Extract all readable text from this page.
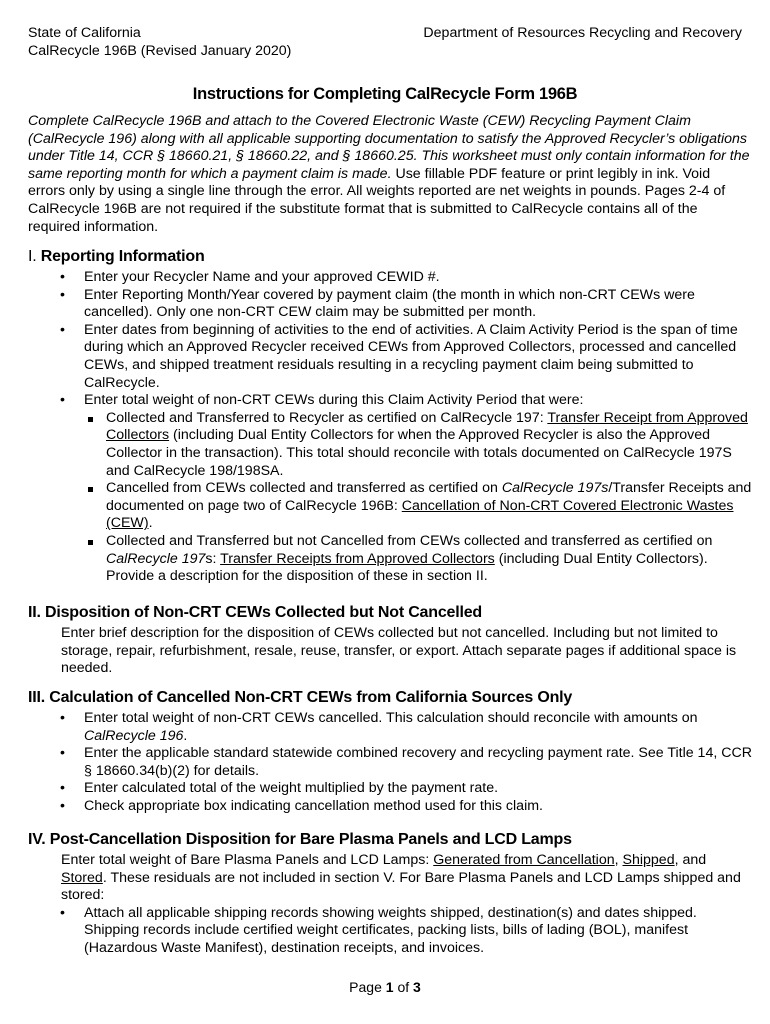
State of California
CalRecycle 196B (Revised January 2020)
Department of Resources Recycling and Recovery
Instructions for Completing CalRecycle Form 196B
Complete CalRecycle 196B and attach to the Covered Electronic Waste (CEW) Recycling Payment Claim (CalRecycle 196) along with all applicable supporting documentation to satisfy the Approved Recycler’s obligations under Title 14, CCR § 18660.21, § 18660.22, and § 18660.25. This worksheet must only contain information for the same reporting month for which a payment claim is made. Use fillable PDF feature or print legibly in ink. Void errors only by using a single line through the error. All weights reported are net weights in pounds. Pages 2-4 of CalRecycle 196B are not required if the substitute format that is submitted to CalRecycle contains all of the required information.
I. Reporting Information
• Enter your Recycler Name and your approved CEWID #.
• Enter Reporting Month/Year covered by payment claim (the month in which non-CRT CEWs were cancelled). Only one non-CRT CEW claim may be submitted per month.
• Enter dates from beginning of activities to the end of activities. A Claim Activity Period is the span of time during which an Approved Recycler received CEWs from Approved Collectors, processed and cancelled CEWs, and shipped treatment residuals resulting in a recycling payment claim being submitted to CalRecycle.
• Enter total weight of non-CRT CEWs during this Claim Activity Period that were:
Collected and Transferred to Recycler as certified on CalRecycle 197: Transfer Receipt from Approved Collectors (including Dual Entity Collectors for when the Approved Recycler is also the Approved Collector in the transaction). This total should reconcile with totals documented on CalRecycle 197S and CalRecycle 198/198SA.
Cancelled from CEWs collected and transferred as certified on CalRecycle 197s/Transfer Receipts and documented on page two of CalRecycle 196B: Cancellation of Non-CRT Covered Electronic Wastes (CEW).
Collected and Transferred but not Cancelled from CEWs collected and transferred as certified on CalRecycle 197s: Transfer Receipts from Approved Collectors (including Dual Entity Collectors). Provide a description for the disposition of these in section II.
II. Disposition of Non-CRT CEWs Collected but Not Cancelled
Enter brief description for the disposition of CEWs collected but not cancelled. Including but not limited to storage, repair, refurbishment, resale, reuse, transfer, or export. Attach separate pages if additional space is needed.
III. Calculation of Cancelled Non-CRT CEWs from California Sources Only
• Enter total weight of non-CRT CEWs cancelled. This calculation should reconcile with amounts on CalRecycle 196.
• Enter the applicable standard statewide combined recovery and recycling payment rate. See Title 14, CCR § 18660.34(b)(2) for details.
• Enter calculated total of the weight multiplied by the payment rate.
• Check appropriate box indicating cancellation method used for this claim.
IV. Post-Cancellation Disposition for Bare Plasma Panels and LCD Lamps
Enter total weight of Bare Plasma Panels and LCD Lamps: Generated from Cancellation, Shipped, and Stored. These residuals are not included in section V. For Bare Plasma Panels and LCD Lamps shipped and stored:
• Attach all applicable shipping records showing weights shipped, destination(s) and dates shipped. Shipping records include certified weight certificates, packing lists, bills of lading (BOL), manifest (Hazardous Waste Manifest), destination receipts, and invoices.
Page 1 of 3
